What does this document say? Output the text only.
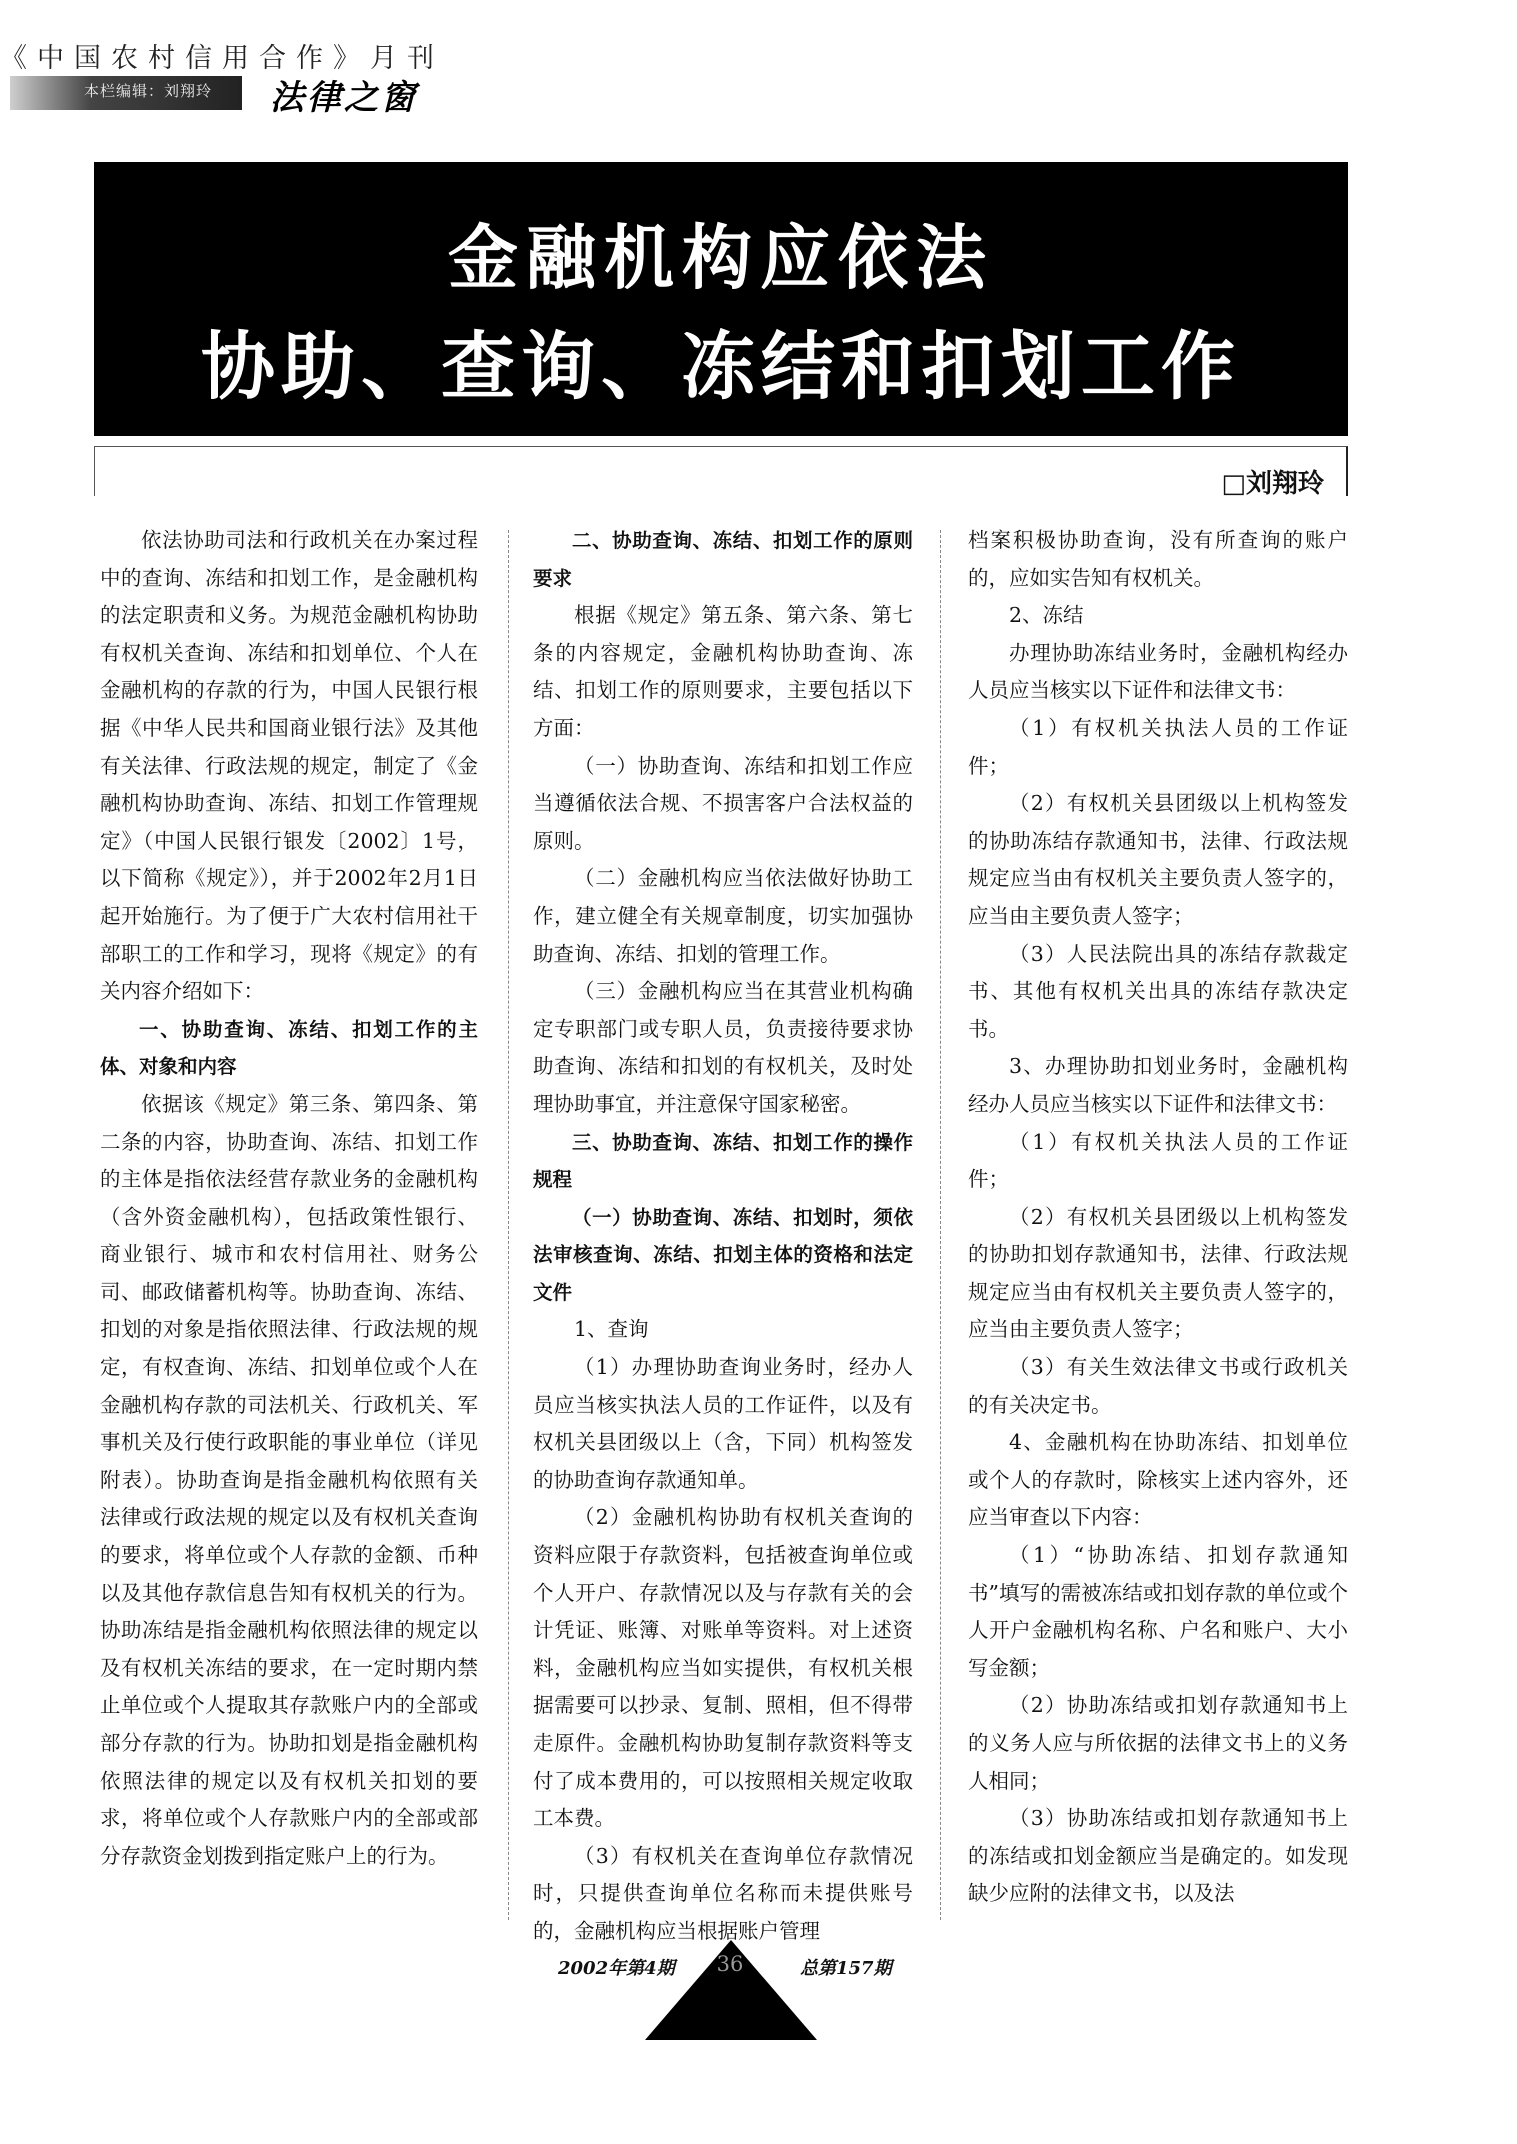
《中国农村信用合作》月刊
本栏编辑：刘翔玲 法律之窗
金融机构应依法
协助、查询、冻结和扣划工作
□刘翔玲

依法协助司法和行政机关在办案过程中的查询、冻结和扣划工作，是金融机构的法定职责和义务。为规范金融机构协助有权机关查询、冻结和扣划单位、个人在金融机构的存款的行为，中国人民银行根据《中华人民共和国商业银行法》及其他有关法律、行政法规的规定，制定了《金融机构协助查询、冻结、扣划工作管理规定》（中国人民银行银发〔2002〕1号，以下简称《规定》），并于2002年2月1日起开始施行。为了便于广大农村信用社干部职工的工作和学习，现将《规定》的有关内容介绍如下：

一、协助查询、冻结、扣划工作的主体、对象和内容

依据该《规定》第三条、第四条、第二条的内容，协助查询、冻结、扣划工作的主体是指依法经营存款业务的金融机构（含外资金融机构），包括政策性银行、商业银行、城市和农村信用社、财务公司、邮政储蓄机构等。协助查询、冻结、扣划的对象是指依照法律、行政法规的规定，有权查询、冻结、扣划单位或个人在金融机构存款的司法机关、行政机关、军事机关及行使行政职能的事业单位（详见附表）。协助查询是指金融机构依照有关法律或行政法规的规定以及有权机关查询的要求，将单位或个人存款的金额、币种以及其他存款信息告知有权机关的行为。协助冻结是指金融机构依照法律的规定以及有权机关冻结的要求，在一定时期内禁止单位或个人提取其存款账户内的全部或部分存款的行为。协助扣划是指金融机构依照法律的规定以及有权机关扣划的要求，将单位或个人存款账户内的全部或部分存款资金划拨到指定账户上的行为。

二、协助查询、冻结、扣划工作的原则要求

根据《规定》第五条、第六条、第七条的内容规定，金融机构协助查询、冻结、扣划工作的原则要求，主要包括以下方面：

（一）协助查询、冻结和扣划工作应当遵循依法合规、不损害客户合法权益的原则。

（二）金融机构应当依法做好协助工作，建立健全有关规章制度，切实加强协助查询、冻结、扣划的管理工作。

（三）金融机构应当在其营业机构确定专职部门或专职人员，负责接待要求协助查询、冻结和扣划的有权机关，及时处理协助事宜，并注意保守国家秘密。

三、协助查询、冻结、扣划工作的操作规程

（一）协助查询、冻结、扣划时，须依法审核查询、冻结、扣划主体的资格和法定文件

1、查询

（1）办理协助查询业务时，经办人员应当核实执法人员的工作证件，以及有权机关县团级以上（含，下同）机构签发的协助查询存款通知单。

（2）金融机构协助有权机关查询的资料应限于存款资料，包括被查询单位或个人开户、存款情况以及与存款有关的会计凭证、账簿、对账单等资料。对上述资料，金融机构应当如实提供，有权机关根据需要可以抄录、复制、照相，但不得带走原件。金融机构协助复制存款资料等支付了成本费用的，可以按照相关规定收取工本费。

（3）有权机关在查询单位存款情况时，只提供查询单位名称而未提供账号的，金融机构应当根据账户管理

档案积极协助查询，没有所查询的账户的，应如实告知有权机关。

2、冻结

办理协助冻结业务时，金融机构经办人员应当核实以下证件和法律文书：

（1）有权机关执法人员的工作证件；

（2）有权机关县团级以上机构签发的协助冻结存款通知书，法律、行政法规规定应当由有权机关主要负责人签字的，应当由主要负责人签字；

（3）人民法院出具的冻结存款裁定书、其他有权机关出具的冻结存款决定书。

3、办理协助扣划业务时，金融机构经办人员应当核实以下证件和法律文书：

（1）有权机关执法人员的工作证件；

（2）有权机关县团级以上机构签发的协助扣划存款通知书，法律、行政法规规定应当由有权机关主要负责人签字的，应当由主要负责人签字；

（3）有关生效法律文书或行政机关的有关决定书。

4、金融机构在协助冻结、扣划单位或个人的存款时，除核实上述内容外，还应当审查以下内容：

（1）“协助冻结、扣划存款通知书”填写的需被冻结或扣划存款的单位或个人开户金融机构名称、户名和账户、大小写金额；

（2）协助冻结或扣划存款通知书上的义务人应与所依据的法律文书上的义务人相同；

（3）协助冻结或扣划存款通知书上的冻结或扣划金额应当是确定的。如发现缺少应附的法律文书，以及法

2002年第4期	36	总第157期
